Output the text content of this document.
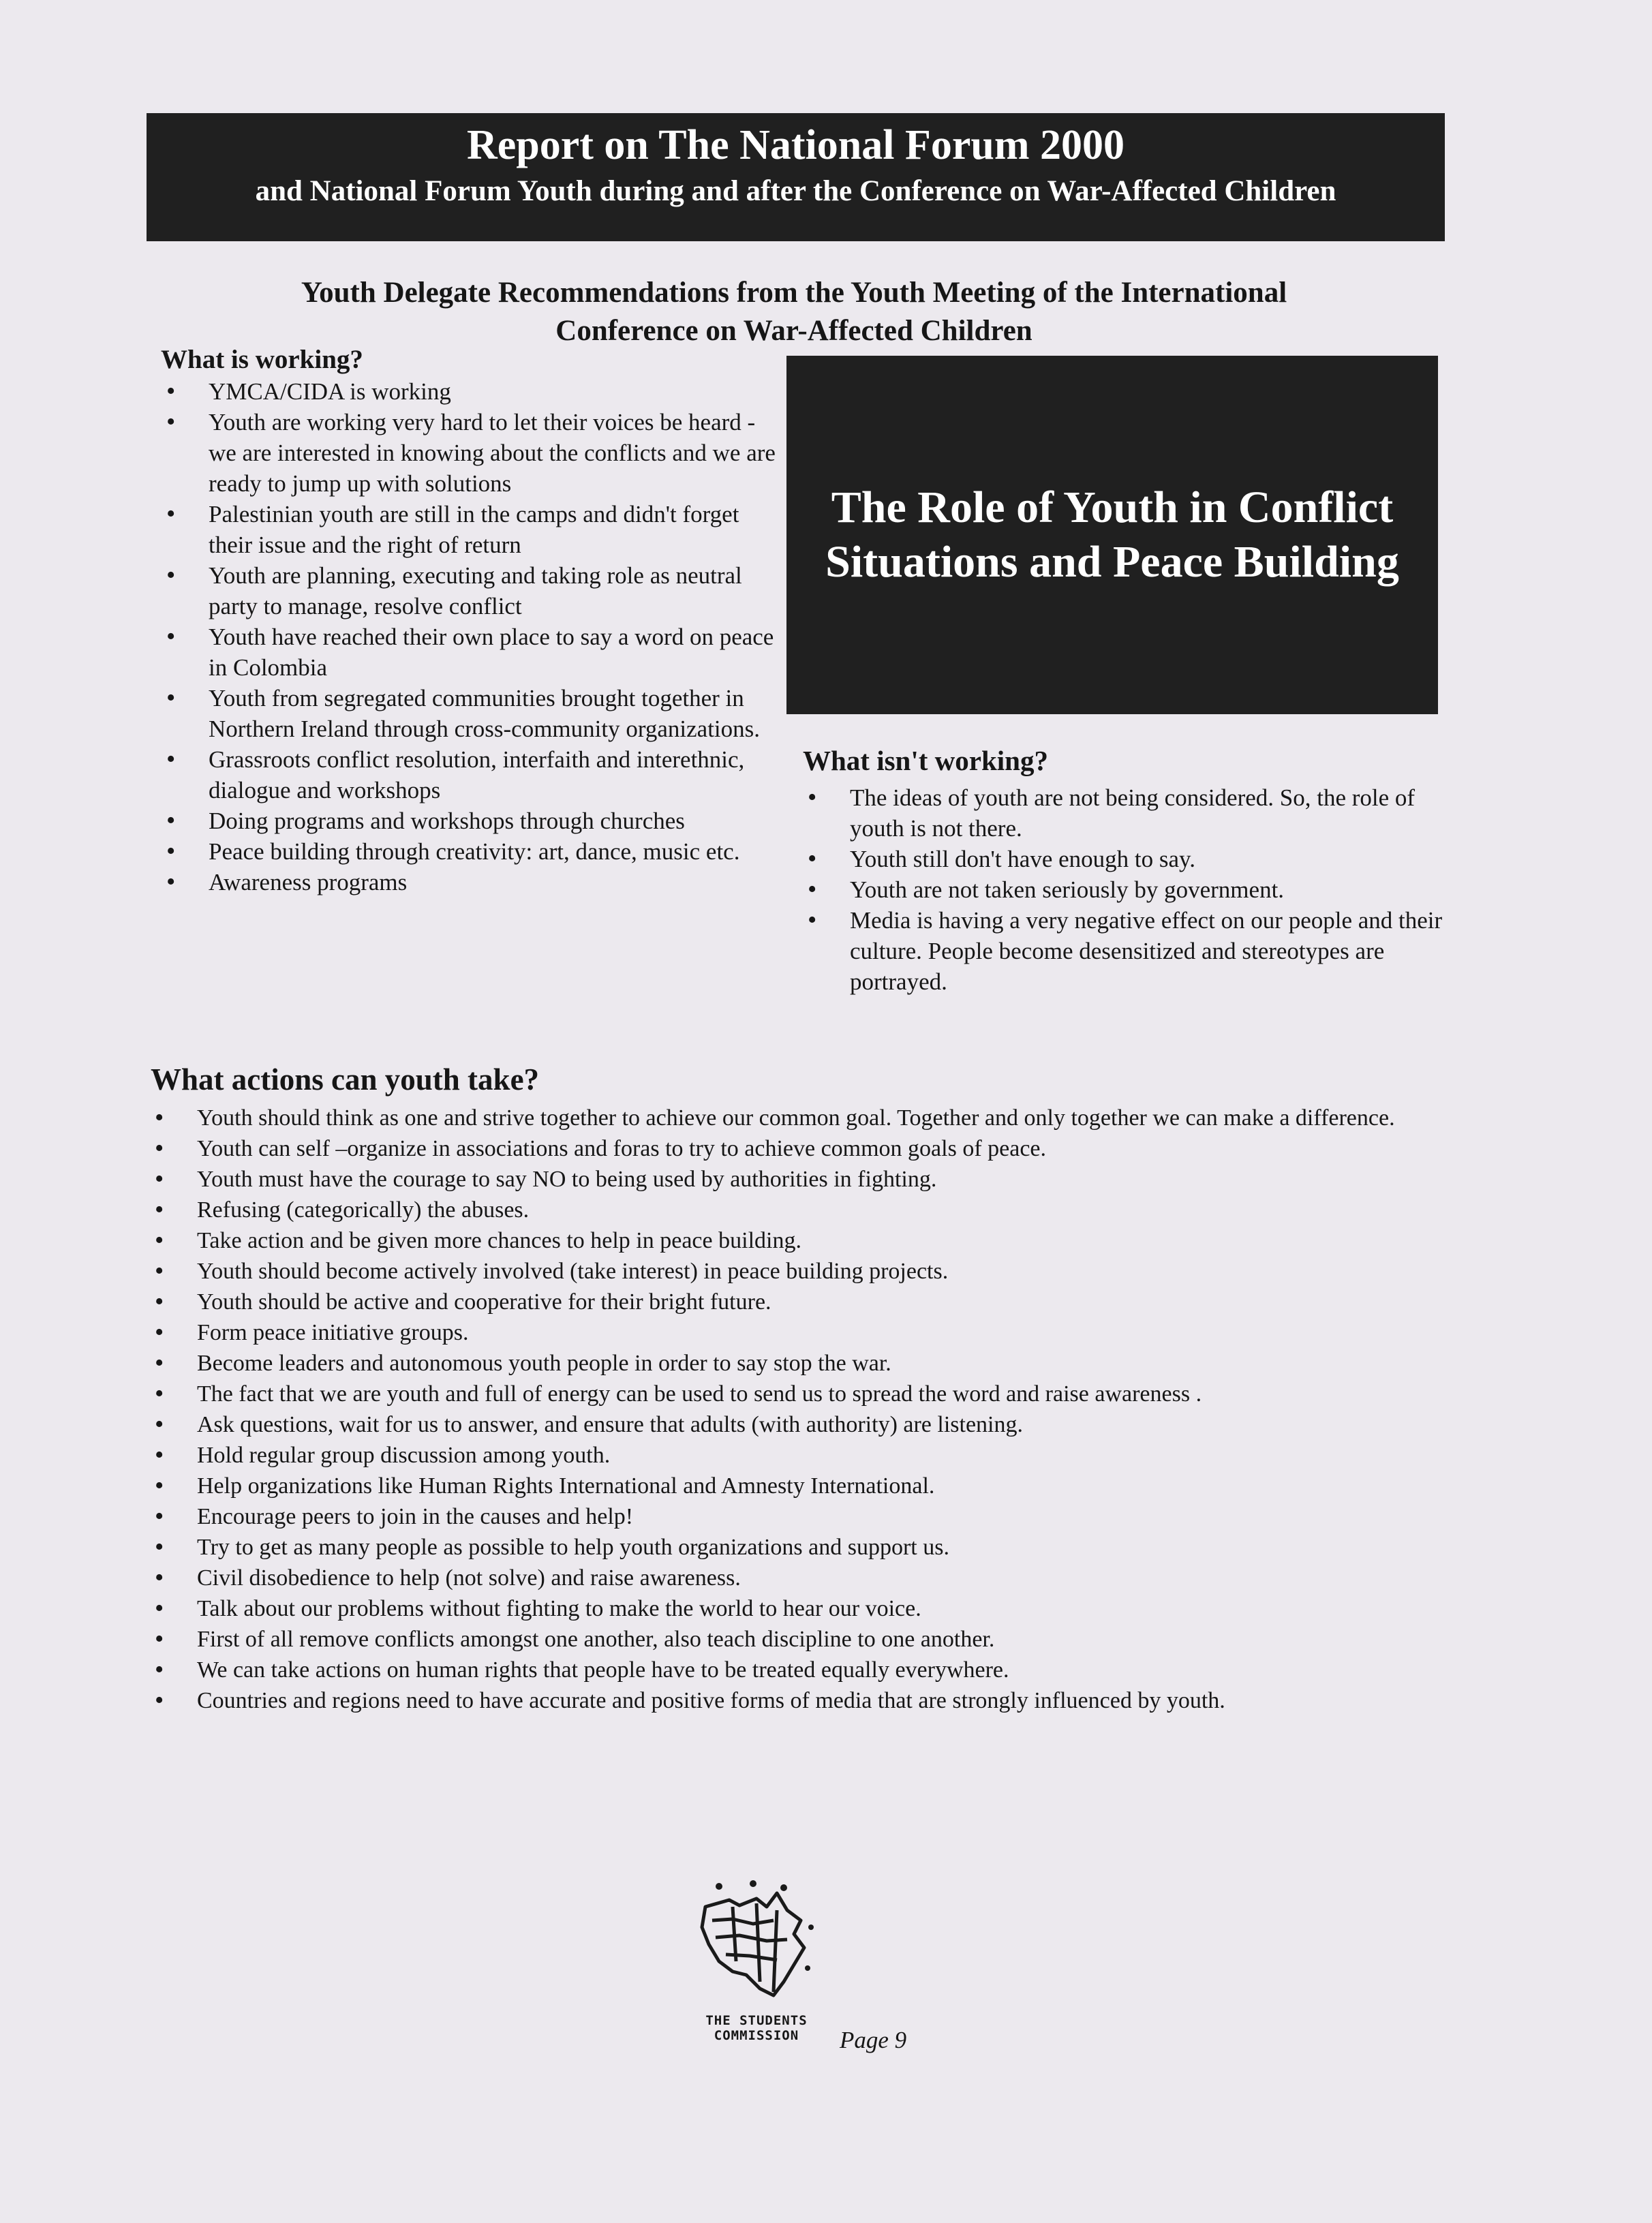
Report on The National Forum 2000
and National Forum Youth during and after the Conference on War-Affected Children
Youth Delegate Recommendations from the Youth Meeting of the International
Conference on War-Affected Children
What is working?
• YMCA/CIDA is working
• Youth are working very hard to let their voices be heard - we are interested in knowing about the conflicts and we are ready to jump up with solutions
• Palestinian youth are still in the camps and didn't forget their issue and the right of return
• Youth are planning, executing and taking role as neutral party to manage, resolve conflict
• Youth have reached their own place to say a word on peace in Colombia
• Youth from segregated communities brought together in Northern Ireland through cross-community organizations.
• Grassroots conflict resolution, interfaith and interethnic, dialogue and workshops
• Doing programs and workshops through churches
• Peace building through creativity: art, dance, music etc.
• Awareness programs
The Role of Youth in Conflict Situations and Peace Building
What isn't working?
• The ideas of youth are not being considered. So, the role of youth is not there.
• Youth still don't have enough to say.
• Youth are not taken seriously by government.
• Media is having a very negative effect on our people and their culture. People become desensitized and stereotypes are portrayed.
What actions can youth take?
• Youth should think as one and strive together to achieve our common goal. Together and only together we can make a difference.
• Youth can self –organize in associations and foras to try to achieve common goals of peace.
• Youth must have the courage to say NO to being used by authorities in fighting.
• Refusing (categorically) the abuses.
• Take action and be given more chances to help in peace building.
• Youth should become actively involved (take interest) in peace building projects.
• Youth should be active and cooperative for their bright future.
• Form peace initiative groups.
• Become leaders and autonomous youth people in order to say stop the war.
• The fact that we are youth and full of energy can be used to send us to spread the word and raise awareness .
• Ask questions, wait for us to answer, and ensure that adults (with authority) are listening.
• Hold regular group discussion among youth.
• Help organizations like Human Rights International and Amnesty International.
• Encourage peers to join in the causes and help!
• Try to get as many people as possible to help youth organizations and support us.
• Civil disobedience to help (not solve) and raise awareness.
• Talk about our problems without fighting to make the world to hear our voice.
• First of all remove conflicts amongst one another, also teach discipline to one another.
• We can take actions on human rights that people have to be treated equally everywhere.
• Countries and regions need to have accurate and positive forms of media that are strongly influenced by youth.
THE STUDENTS
COMMISSION	Page 9
